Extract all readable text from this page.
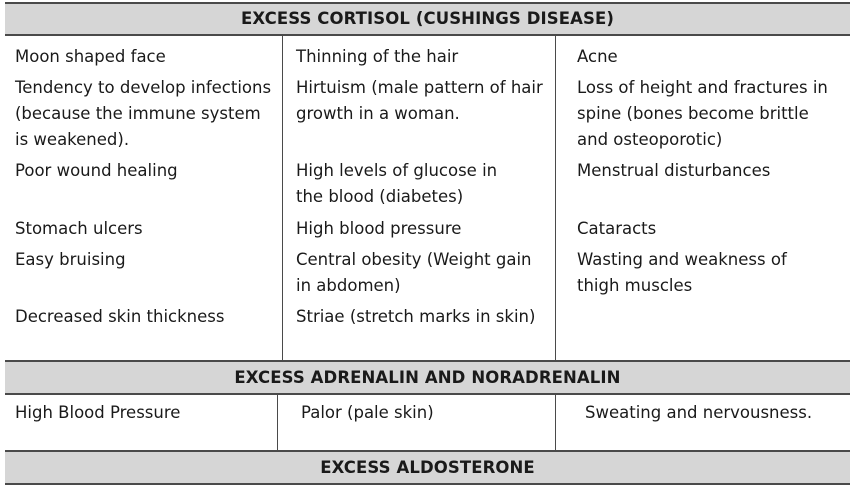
EXCESS CORTISOL (CUSHINGS DISEASE)
Moon shaped face
Tendency to develop infections (because the immune system is weakened).
Poor wound healing
Stomach ulcers
Easy bruising
Decreased skin thickness
Thinning of the hair
Hirtuism (male pattern of hair growth in a woman.
High levels of glucose in the blood (diabetes)
High blood pressure
Central obesity (Weight gain in abdomen)
Striae (stretch marks in skin)
Acne
Loss of height and fractures in spine (bones become brittle and osteoporotic)
Menstrual disturbances
Cataracts
Wasting and weakness of thigh muscles
EXCESS ADRENALIN AND NORADRENALIN
High Blood Pressure	Palor (pale skin)	Sweating and nervousness.
EXCESS ALDOSTERONE
